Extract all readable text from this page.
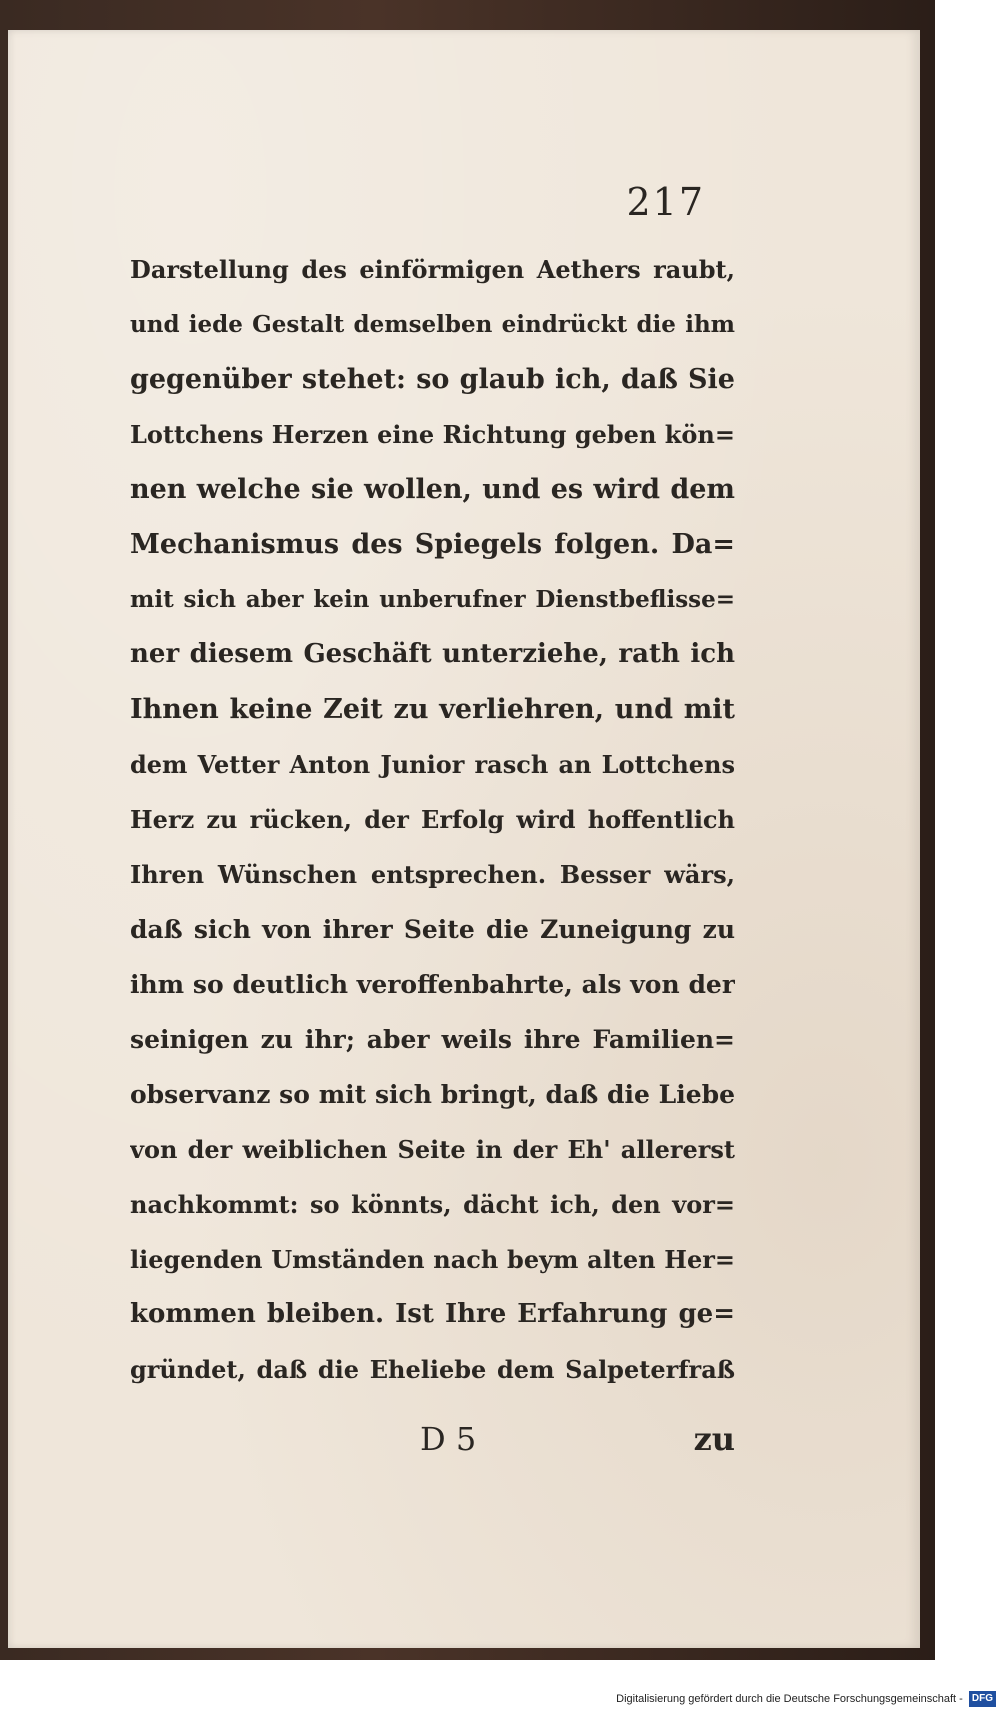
217
Darstellung des einförmigen Aethers raubt,
und iede Gestalt demselben eindrückt die ihm
gegenüber stehet: so glaub ich, daß Sie
Lottchens Herzen eine Richtung geben kön=
nen welche sie wollen, und es wird dem
Mechanismus des Spiegels folgen. Da=
mit sich aber kein unberufner Dienstbeflisse=
ner diesem Geschäft unterziehe, rath ich
Ihnen keine Zeit zu verliehren, und mit
dem Vetter Anton Junior rasch an Lottchens
Herz zu rücken, der Erfolg wird hoffentlich
Ihren Wünschen entsprechen. Besser wärs,
daß sich von ihrer Seite die Zuneigung zu
ihm so deutlich veroffenbahrte, als von der
seinigen zu ihr; aber weils ihre Familien=
observanz so mit sich bringt, daß die Liebe
von der weiblichen Seite in der Eh' allererst
nachkommt: so könnts, dächt ich, den vor=
liegenden Umständen nach beym alten Her=
kommen bleiben. Ist Ihre Erfahrung ge=
gründet, daß die Eheliebe dem Salpeterfraß
D 5	zu
Digitalisierung gefördert durch die Deutsche Forschungsgemeinschaft - DFG
